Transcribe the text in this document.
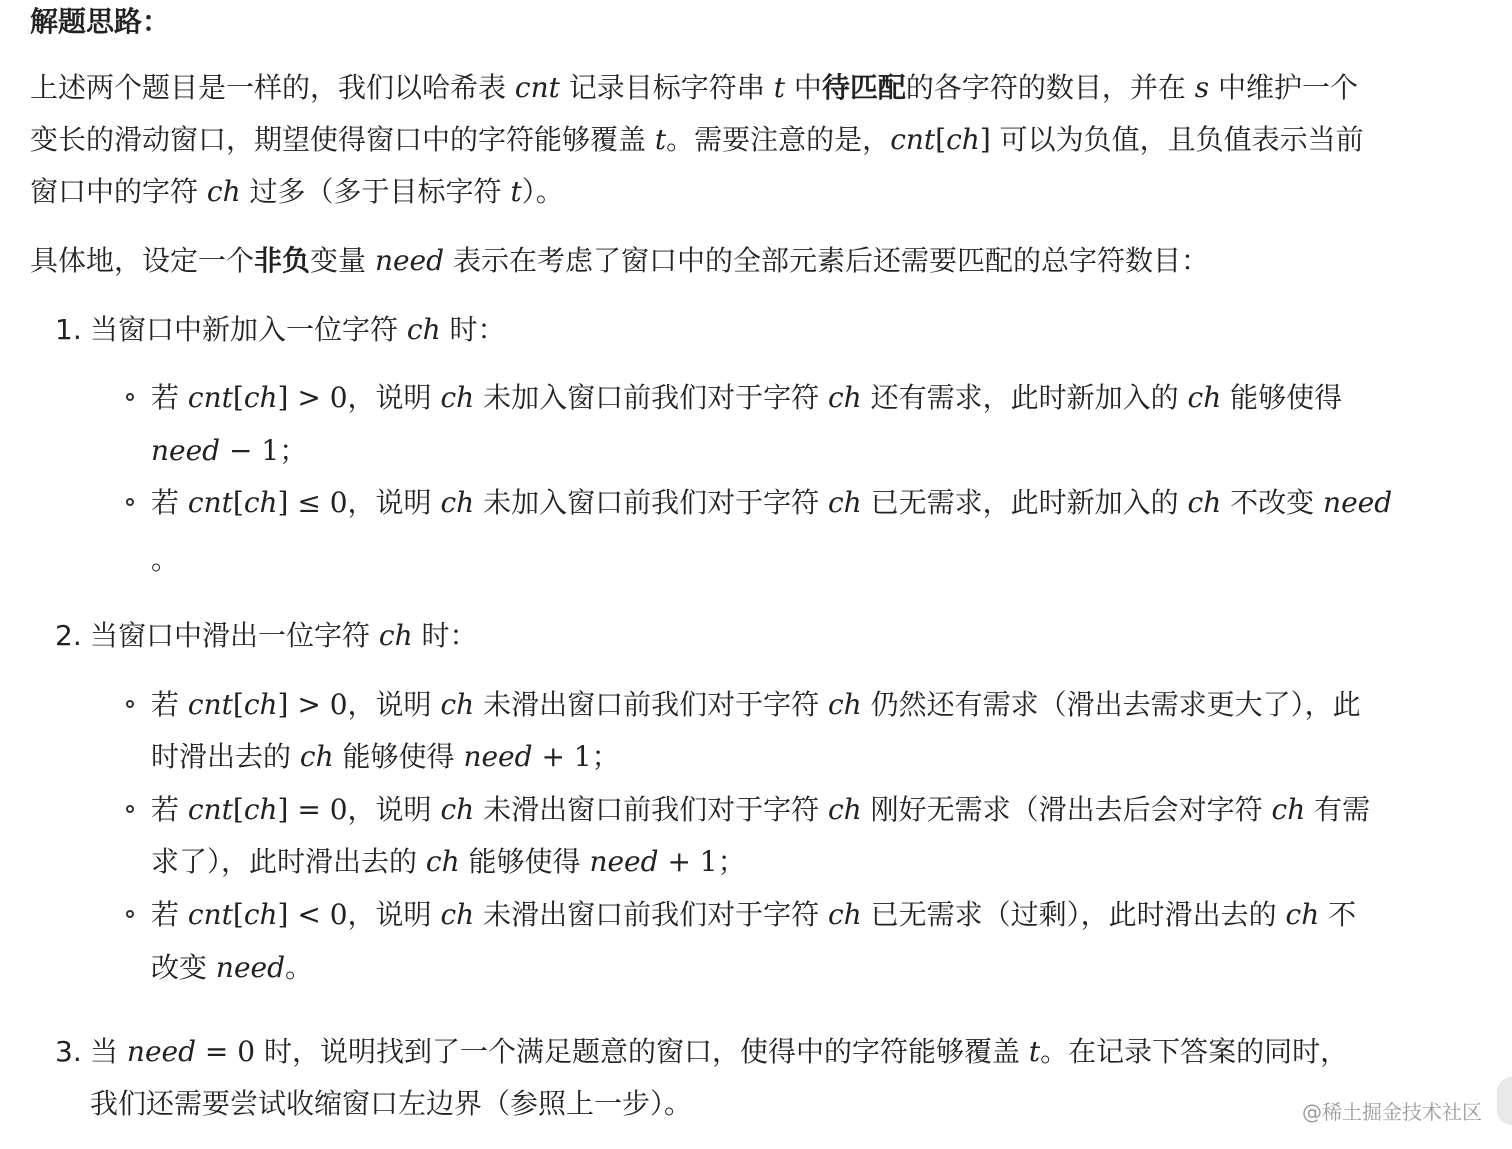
解题思路：
上述两个题目是一样的，我们以哈希表 cnt 记录目标字符串 t 中待匹配的各字符的数目，并在 s 中维护一个
变长的滑动窗口，期望使得窗口中的字符能够覆盖 t。需要注意的是，cnt[ch] 可以为负值，且负值表示当前
窗口中的字符 ch 过多（多于目标字符 t）。
具体地，设定一个非负变量 need 表示在考虑了窗口中的全部元素后还需要匹配的总字符数目：
1. 当窗口中新加入一位字符 ch 时：
若 cnt[ch] > 0，说明 ch 未加入窗口前我们对于字符 ch 还有需求，此时新加入的 ch 能够使得
need − 1；
若 cnt[ch] ≤ 0，说明 ch 未加入窗口前我们对于字符 ch 已无需求，此时新加入的 ch 不改变 need
。
2. 当窗口中滑出一位字符 ch 时：
若 cnt[ch] > 0，说明 ch 未滑出窗口前我们对于字符 ch 仍然还有需求（滑出去需求更大了），此
时滑出去的 ch 能够使得 need + 1；
若 cnt[ch] = 0，说明 ch 未滑出窗口前我们对于字符 ch 刚好无需求（滑出去后会对字符 ch 有需
求了），此时滑出去的 ch 能够使得 need + 1；
若 cnt[ch] < 0，说明 ch 未滑出窗口前我们对于字符 ch 已无需求（过剩），此时滑出去的 ch 不
改变 need。
3. 当 need = 0 时，说明找到了一个满足题意的窗口，使得中的字符能够覆盖 t。在记录下答案的同时，
我们还需要尝试收缩窗口左边界（参照上一步）。	@稀土掘金技术社区
